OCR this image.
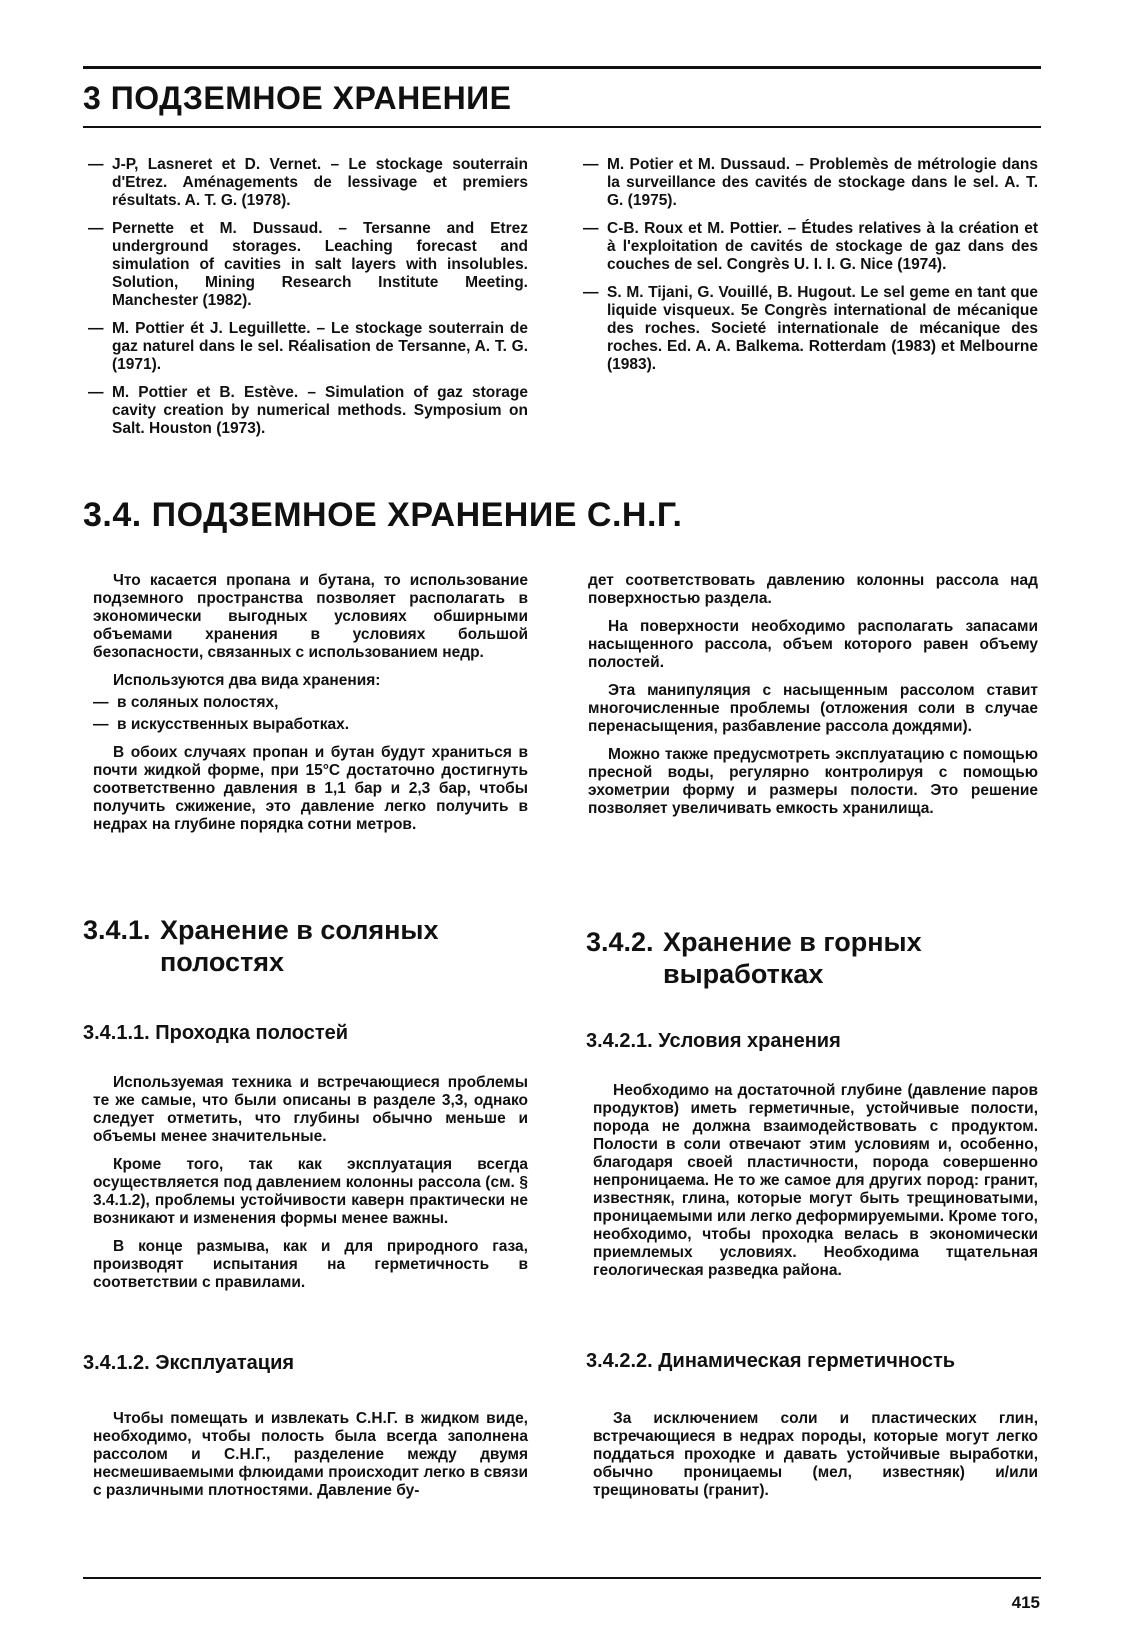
3 ПОДЗЕМНОЕ ХРАНЕНИЕ

— J-P, Lasneret et D. Vernet. – Le stockage souterrain d'Etrez. Aménagements de lessivage et premiers résultats. A. T. G. (1978).

— Pernette et M. Dussaud. – Tersanne and Etrez underground storages. Leaching forecast and simulation of cavities in salt layers with insolubles. Solution, Mining Research Institute Meeting. Manchester (1982).

— M. Pottier ét J. Leguillette. – Le stockage souterrain de gaz naturel dans le sel. Réalisation de Tersanne, A. T. G. (1971).

— M. Pottier et B. Estève. – Simulation of gaz storage cavity creation by numerical methods. Symposium on Salt. Houston (1973).

— M. Potier et M. Dussaud. – Problemès de métrologie dans la surveillance des cavités de stockage dans le sel. A. T. G. (1975).

— C-B. Roux et M. Pottier. – Études relatives à la création et à l'exploitation de cavités de stockage de gaz dans des couches de sel. Congrès U. I. I. G. Nice (1974).

— S. M. Tijani, G. Vouillé, B. Hugout. Le sel geme en tant que liquide visqueux. 5e Congrès international de mécanique des roches. Societé internationale de mécanique des roches. Ed. A. A. Balkema. Rotterdam (1983) et Melbourne (1983).

3.4. ПОДЗЕМНОЕ ХРАНЕНИЕ С.Н.Г.

Что касается пропана и бутана, то использование подземного пространства позволяет располагать в экономически выгодных условиях обширными объемами хранения в условиях большой безопасности, связанных с использованием недр.

Используются два вида хранения:

— в соляных полостях,
— в искусственных выработках.

В обоих случаях пропан и бутан будут храниться в почти жидкой форме, при 15°С достаточно достигнуть соответственно давления в 1,1 бар и 2,3 бар, чтобы получить сжижение, это давление легко получить в недрах на глубине порядка сотни метров.

дет соответствовать давлению колонны рассола над поверхностью раздела.

На поверхности необходимо располагать запасами насыщенного рассола, объем которого равен объему полостей.

Эта манипуляция с насыщенным рассолом ставит многочисленные проблемы (отложения соли в случае перенасыщения, разбавление рассола дождями).

Можно также предусмотреть эксплуатацию с помощью пресной воды, регулярно контролируя с помощью эхометрии форму и размеры полости. Это решение позволяет увеличивать емкость хранилища.

3.4.1. Хранение в соляных
полостях
3.4.1.1. Проходка полостей

Используемая техника и встречающиеся проблемы те же самые, что были описаны в разделе 3,3, однако следует отметить, что глубины обычно меньше и объемы менее значительные.

Кроме того, так как эксплуатация всегда осуществляется под давлением колонны рассола (см. § 3.4.1.2), проблемы устойчивости каверн практически не возникают и изменения формы менее важны.

В конце размыва, как и для природного газа, производят испытания на герметичность в соответствии с правилами.

3.4.1.2. Эксплуатация

Чтобы помещать и извлекать С.Н.Г. в жидком виде, необходимо, чтобы полость была всегда заполнена рассолом и С.Н.Г., разделение между двумя несмешиваемыми флюидами происходит легко в связи с различными плотностями. Давление бу-

3.4.2. Хранение в горных
выработках
3.4.2.1. Условия хранения

Необходимо на достаточной глубине (давление паров продуктов) иметь герметичные, устойчивые полости, порода не должна взаимодействовать с продуктом. Полости в соли отвечают этим условиям и, особенно, благодаря своей пластичности, порода совершенно непроницаема. Не то же самое для других пород: гранит, известняк, глина, которые могут быть трещиноватыми, проницаемыми или легко деформируемыми. Кроме того, необходимо, чтобы проходка велась в экономически приемлемых условиях. Необходима тщательная геологическая разведка района.

3.4.2.2. Динамическая герметичность

За исключением соли и пластических глин, встречающиеся в недрах породы, которые могут легко поддаться проходке и давать устойчивые выработки, обычно проницаемы (мел, известняк) и/или трещиноваты (гранит).

415
